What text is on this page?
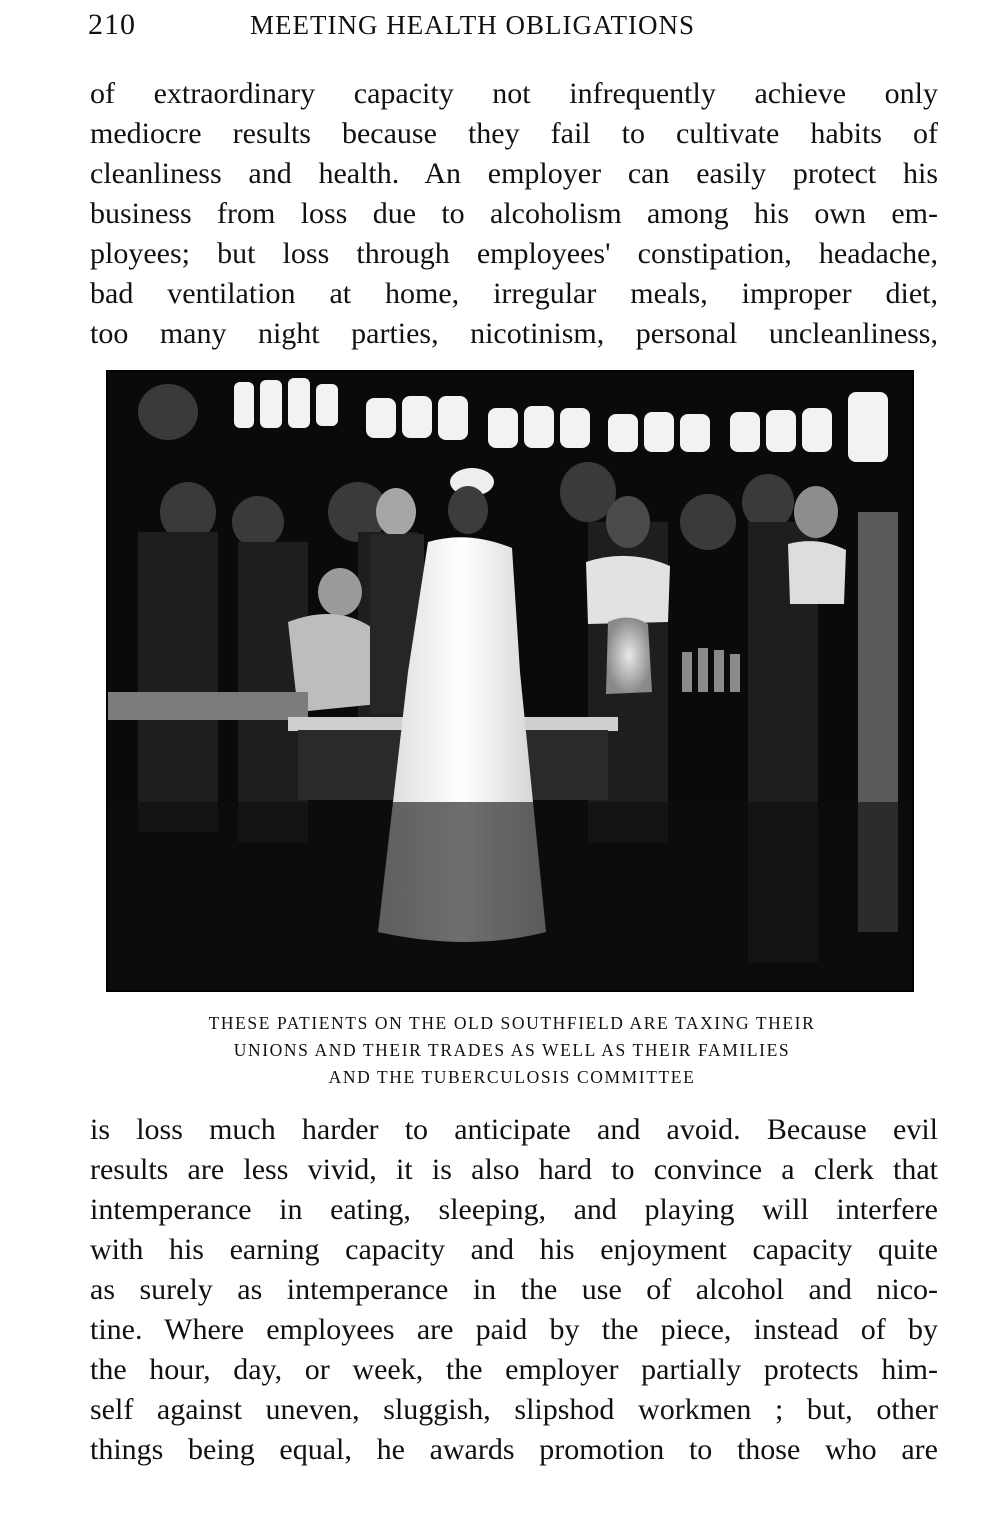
210	MEETING HEALTH OBLIGATIONS
of extraordinary capacity not infrequently achieve only
mediocre results because they fail to cultivate habits of
cleanliness and health. An employer can easily protect his
business from loss due to alcoholism among his own em-
ployees; but loss through employees' constipation, headache,
bad ventilation at home, irregular meals, improper diet,
too many night parties, nicotinism, personal uncleanliness,
THESE PATIENTS ON THE OLD SOUTHFIELD ARE TAXING THEIR
UNIONS AND THEIR TRADES AS WELL AS THEIR FAMILIES
AND THE TUBERCULOSIS COMMITTEE
is loss much harder to anticipate and avoid. Because evil
results are less vivid, it is also hard to convince a clerk that
intemperance in eating, sleeping, and playing will interfere
with his earning capacity and his enjoyment capacity quite
as surely as intemperance in the use of alcohol and nico-
tine. Where employees are paid by the piece, instead of by
the hour, day, or week, the employer partially protects him-
self against uneven, sluggish, slipshod workmen ; but, other
things being equal, he awards promotion to those who are
